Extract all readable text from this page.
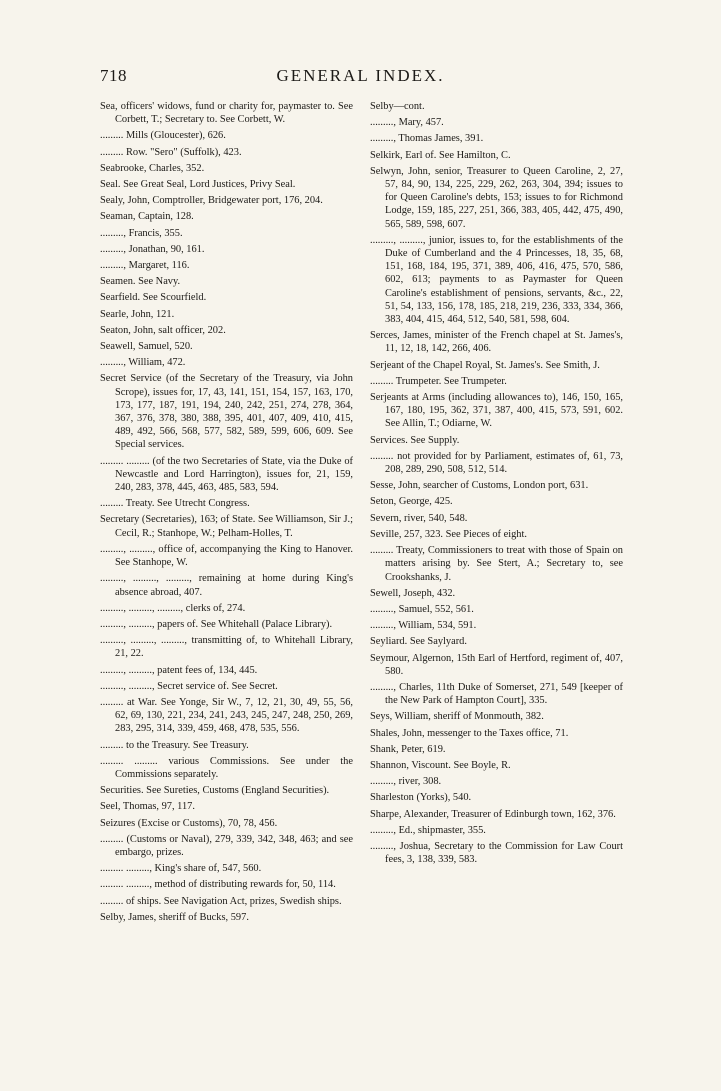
718	GENERAL INDEX.

Sea, officers' widows, fund or charity for, paymaster to. See Corbett, T.; Secretary to. See Corbett, W.

......... Mills (Gloucester), 626.

......... Row. "Sero" (Suffolk), 423.

Seabrooke, Charles, 352.

Seal. See Great Seal, Lord Justices, Privy Seal.

Sealy, John, Comptroller, Bridgewater port, 176, 204.

Seaman, Captain, 128.

........., Francis, 355.

........., Jonathan, 90, 161.

........., Margaret, 116.

Seamen. See Navy.

Searfield. See Scourfield.

Searle, John, 121.

Seaton, John, salt officer, 202.

Seawell, Samuel, 520.

........., William, 472.

Secret Service (of the Secretary of the Treasury, via John Scrope), issues for, 17, 43, 141, 151, 154, 157, 163, 170, 173, 177, 187, 191, 194, 240, 242, 251, 274, 278, 364, 367, 376, 378, 380, 388, 395, 401, 407, 409, 410, 415, 489, 492, 566, 568, 577, 582, 589, 599, 606, 609. See Special services.

......... ......... (of the two Secretaries of State, via the Duke of Newcastle and Lord Harrington), issues for, 21, 159, 240, 283, 378, 445, 463, 485, 583, 594.

......... Treaty. See Utrecht Congress.

Secretary (Secretaries), 163; of State. See Williamson, Sir J.; Cecil, R.; Stanhope, W.; Pelham-Holles, T.

........., ........., office of, accompanying the King to Hanover. See Stanhope, W.

........., ........., ........., remaining at home during King's absence abroad, 407.

........., ........., ........., clerks of, 274.

........., ........., papers of. See Whitehall (Palace Library).

........., ........., ........., transmitting of, to Whitehall Library, 21, 22.

........., ........., patent fees of, 134, 445.

........., ........., Secret service of. See Secret.

......... at War. See Yonge, Sir W., 7, 12, 21, 30, 49, 55, 56, 62, 69, 130, 221, 234, 241, 243, 245, 247, 248, 250, 269, 283, 295, 314, 339, 459, 468, 478, 535, 556.

......... to the Treasury. See Treasury.

......... ......... various Commissions. See under the Commissions separately.

Securities. See Sureties, Customs (England Securities).

Seel, Thomas, 97, 117.

Seizures (Excise or Customs), 70, 78, 456.

......... (Customs or Naval), 279, 339, 342, 348, 463; and see embargo, prizes.

......... ........., King's share of, 547, 560.

......... ........., method of distributing rewards for, 50, 114.

......... of ships. See Navigation Act, prizes, Swedish ships.

Selby, James, sheriff of Bucks, 597.

Selby—cont.

........., Mary, 457.

........., Thomas James, 391.

Selkirk, Earl of. See Hamilton, C.

Selwyn, John, senior, Treasurer to Queen Caroline, 2, 27, 57, 84, 90, 134, 225, 229, 262, 263, 304, 394; issues to for Queen Caroline's debts, 153; issues to for Richmond Lodge, 159, 185, 227, 251, 366, 383, 405, 442, 475, 490, 565, 589, 598, 607.

........., ........., junior, issues to, for the establishments of the Duke of Cumberland and the 4 Princesses, 18, 35, 68, 151, 168, 184, 195, 371, 389, 406, 416, 475, 570, 586, 602, 613; payments to as Paymaster for Queen Caroline's establishment of pensions, servants, &c., 22, 51, 54, 133, 156, 178, 185, 218, 219, 236, 333, 334, 366, 383, 404, 415, 464, 512, 540, 581, 598, 604.

Serces, James, minister of the French chapel at St. James's, 11, 12, 18, 142, 266, 406.

Serjeant of the Chapel Royal, St. James's. See Smith, J.

......... Trumpeter. See Trumpeter.

Serjeants at Arms (including allowances to), 146, 150, 165, 167, 180, 195, 362, 371, 387, 400, 415, 573, 591, 602. See Allin, T.; Odiarne, W.

Services. See Supply.

......... not provided for by Parliament, estimates of, 61, 73, 208, 289, 290, 508, 512, 514.

Sesse, John, searcher of Customs, London port, 631.

Seton, George, 425.

Severn, river, 540, 548.

Seville, 257, 323. See Pieces of eight.

......... Treaty, Commissioners to treat with those of Spain on matters arising by. See Stert, A.; Secretary to, see Crookshanks, J.

Sewell, Joseph, 432.

........., Samuel, 552, 561.

........., William, 534, 591.

Seyliard. See Saylyard.

Seymour, Algernon, 15th Earl of Hertford, regiment of, 407, 580.

........., Charles, 11th Duke of Somerset, 271, 549 [keeper of the New Park of Hampton Court], 335.

Seys, William, sheriff of Monmouth, 382.

Shales, John, messenger to the Taxes office, 71.

Shank, Peter, 619.

Shannon, Viscount. See Boyle, R.

........., river, 308.

Sharleston (Yorks), 540.

Sharpe, Alexander, Treasurer of Edinburgh town, 162, 376.

........., Ed., shipmaster, 355.

........., Joshua, Secretary to the Commission for Law Court fees, 3, 138, 339, 583.
